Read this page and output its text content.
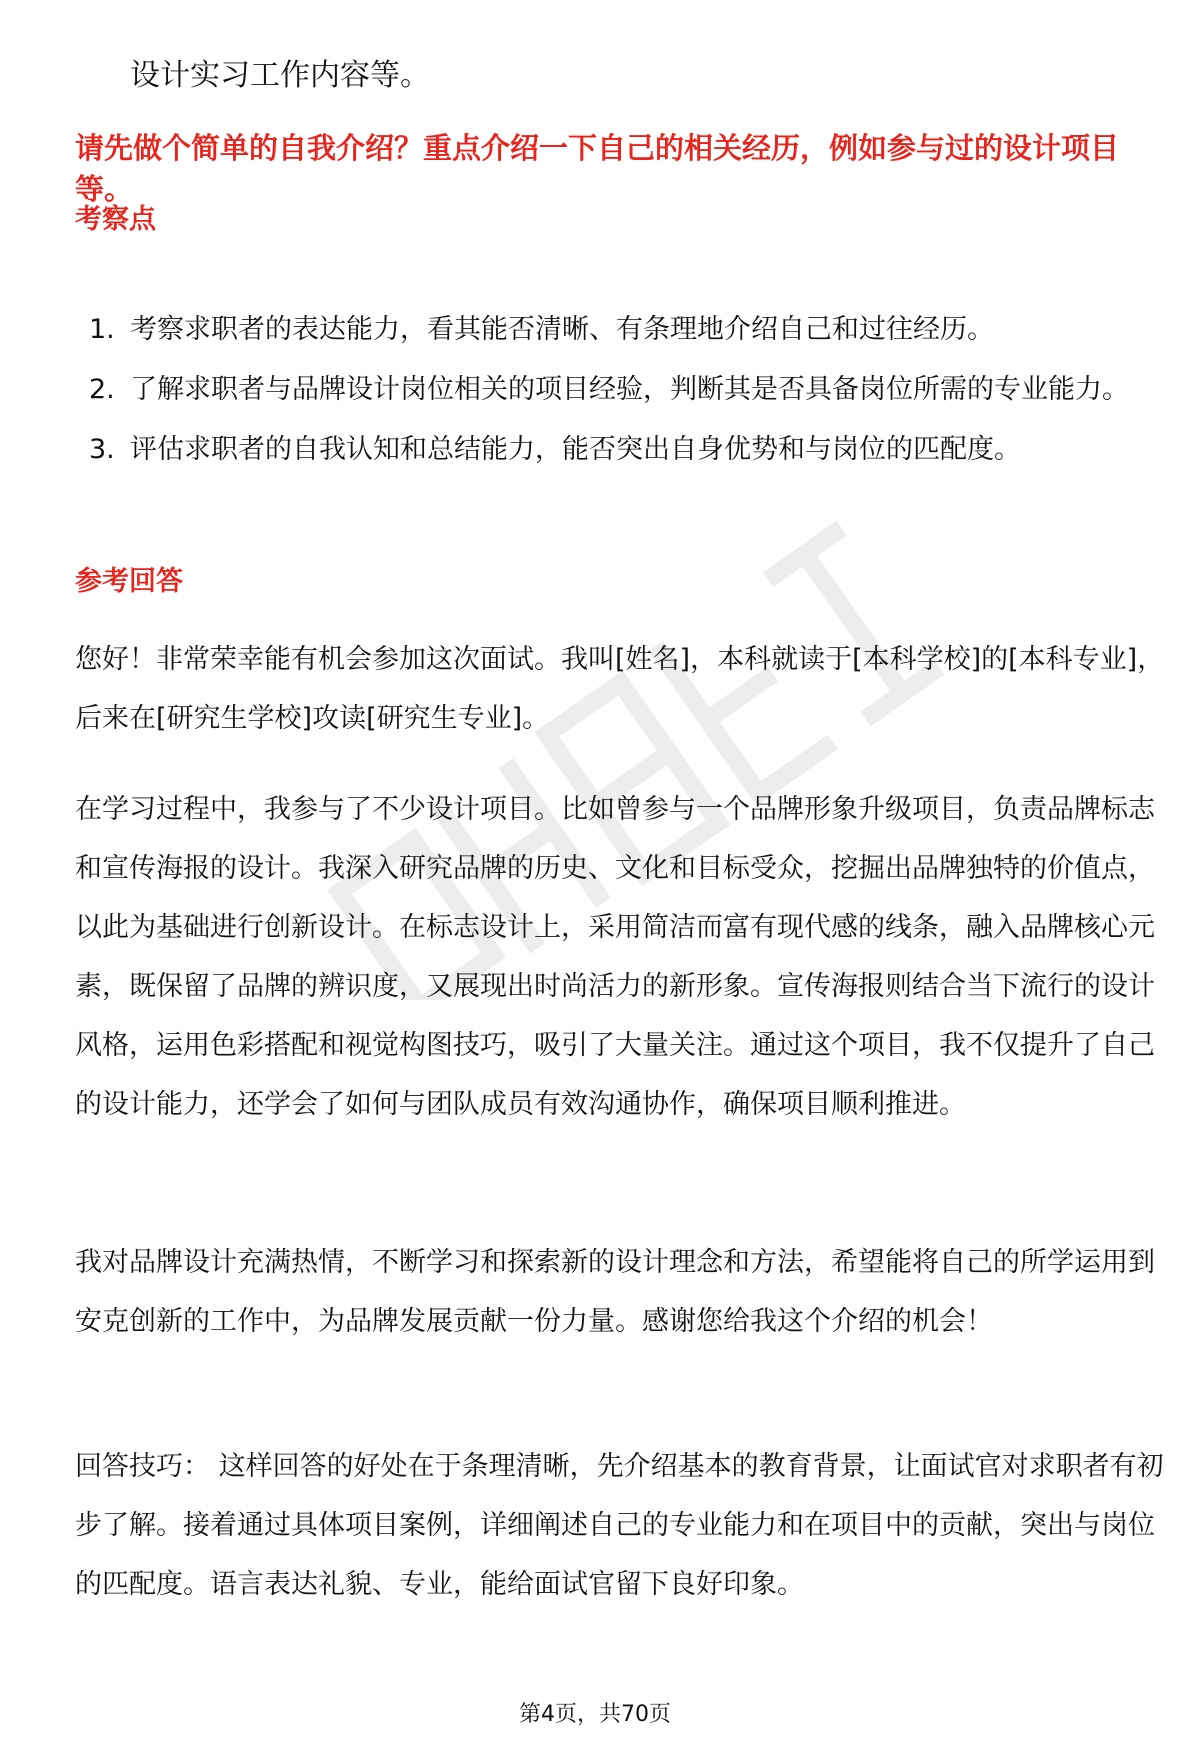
设计实习工作内容等。
请先做个简单的自我介绍？重点介绍一下自己的相关经历，例如参与过的设计项目等。
考察点
1. 考察求职者的表达能力，看其能否清晰、有条理地介绍自己和过往经历。
2. 了解求职者与品牌设计岗位相关的项目经验，判断其是否具备岗位所需的专业能力。
3. 评估求职者的自我认知和总结能力，能否突出自身优势和与岗位的匹配度。
参考回答

您好！非常荣幸能有机会参加这次面试。我叫[姓名]，本科就读于[本科学校]的[本科专业]，后来在[研究生学校]攻读[研究生专业]。

在学习过程中，我参与了不少设计项目。比如曾参与一个品牌形象升级项目，负责品牌标志和宣传海报的设计。我深入研究品牌的历史、文化和目标受众，挖掘出品牌独特的价值点，以此为基础进行创新设计。在标志设计上，采用简洁而富有现代感的线条，融入品牌核心元素，既保留了品牌的辨识度，又展现出时尚活力的新形象。宣传海报则结合当下流行的设计风格，运用色彩搭配和视觉构图技巧，吸引了大量关注。通过这个项目，我不仅提升了自己的设计能力，还学会了如何与团队成员有效沟通协作，确保项目顺利推进。

我对品牌设计充满热情，不断学习和探索新的设计理念和方法，希望能将自己的所学运用到安克创新的工作中，为品牌发展贡献一份力量。感谢您给我这个介绍的机会！

回答技巧： 这样回答的好处在于条理清晰，先介绍基本的教育背景，让面试官对求职者有初步了解。接着通过具体项目案例，详细阐述自己的专业能力和在项目中的贡献，突出与岗位的匹配度。语言表达礼貌、专业，能给面试官留下良好印象。

第4页，共70页
